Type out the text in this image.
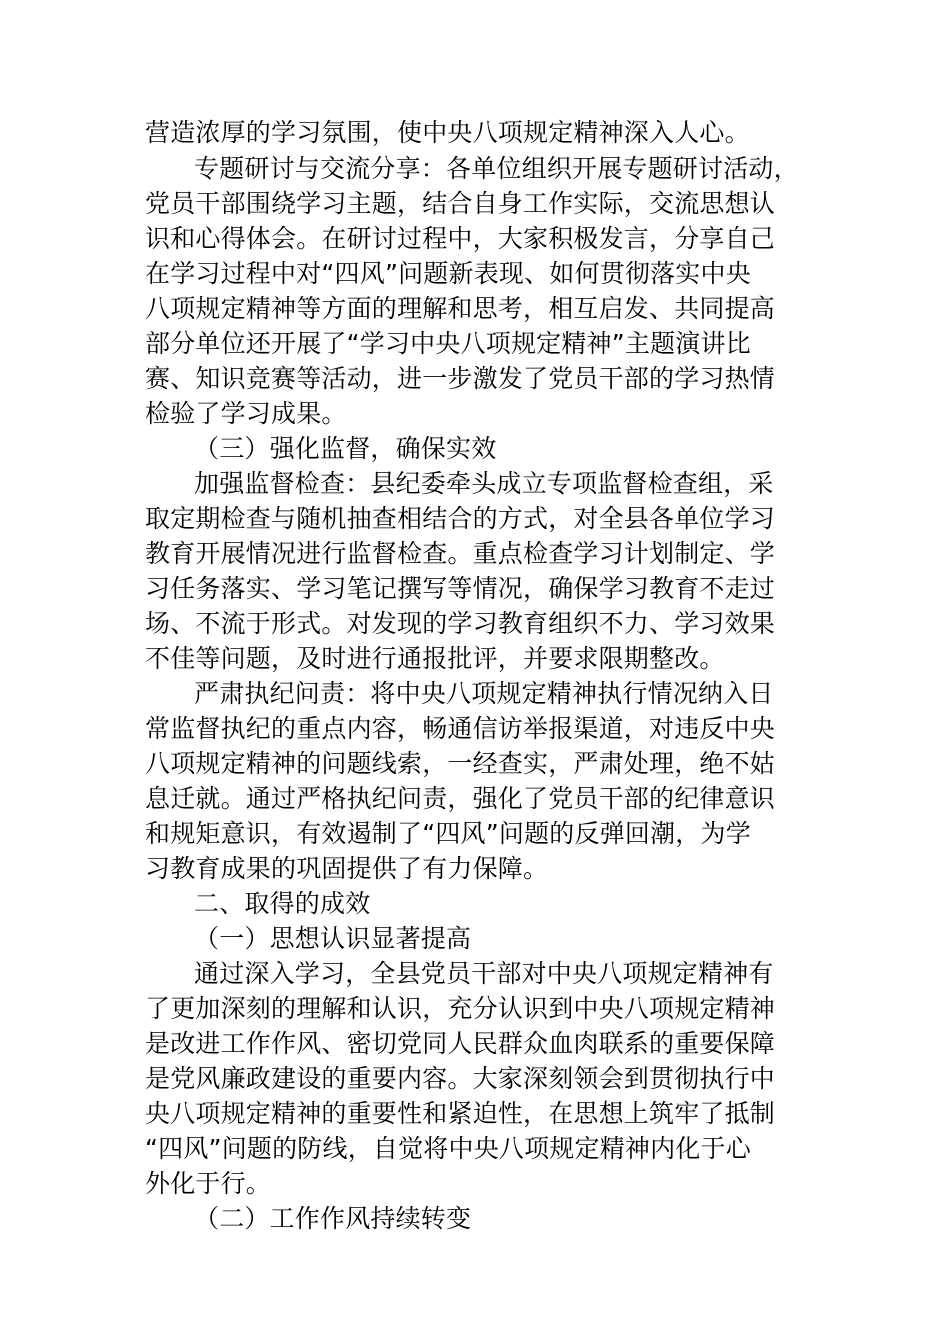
营造浓厚的学习氛围，使中央八项规定精神深入人心。
专题研讨与交流分享：各单位组织开展专题研讨活动，
党员干部围绕学习主题，结合自身工作实际，交流思想认
识和心得体会。在研讨过程中，大家积极发言，分享自己
在学习过程中对“四风”问题新表现、如何贯彻落实中央
八项规定精神等方面的理解和思考，相互启发、共同提高
部分单位还开展了“学习中央八项规定精神”主题演讲比
赛、知识竞赛等活动，进一步激发了党员干部的学习热情
检验了学习成果。
（三）强化监督，确保实效
加强监督检查：县纪委牵头成立专项监督检查组，采
取定期检查与随机抽查相结合的方式，对全县各单位学习
教育开展情况进行监督检查。重点检查学习计划制定、学
习任务落实、学习笔记撰写等情况，确保学习教育不走过
场、不流于形式。对发现的学习教育组织不力、学习效果
不佳等问题，及时进行通报批评，并要求限期整改。
严肃执纪问责：将中央八项规定精神执行情况纳入日
常监督执纪的重点内容，畅通信访举报渠道，对违反中央
八项规定精神的问题线索，一经查实，严肃处理，绝不姑
息迁就。通过严格执纪问责，强化了党员干部的纪律意识
和规矩意识，有效遏制了“四风”问题的反弹回潮，为学
习教育成果的巩固提供了有力保障。
二、取得的成效
（一）思想认识显著提高
通过深入学习，全县党员干部对中央八项规定精神有
了更加深刻的理解和认识，充分认识到中央八项规定精神
是改进工作作风、密切党同人民群众血肉联系的重要保障
是党风廉政建设的重要内容。大家深刻领会到贯彻执行中
央八项规定精神的重要性和紧迫性，在思想上筑牢了抵制
“四风”问题的防线，自觉将中央八项规定精神内化于心
外化于行。
（二）工作作风持续转变
